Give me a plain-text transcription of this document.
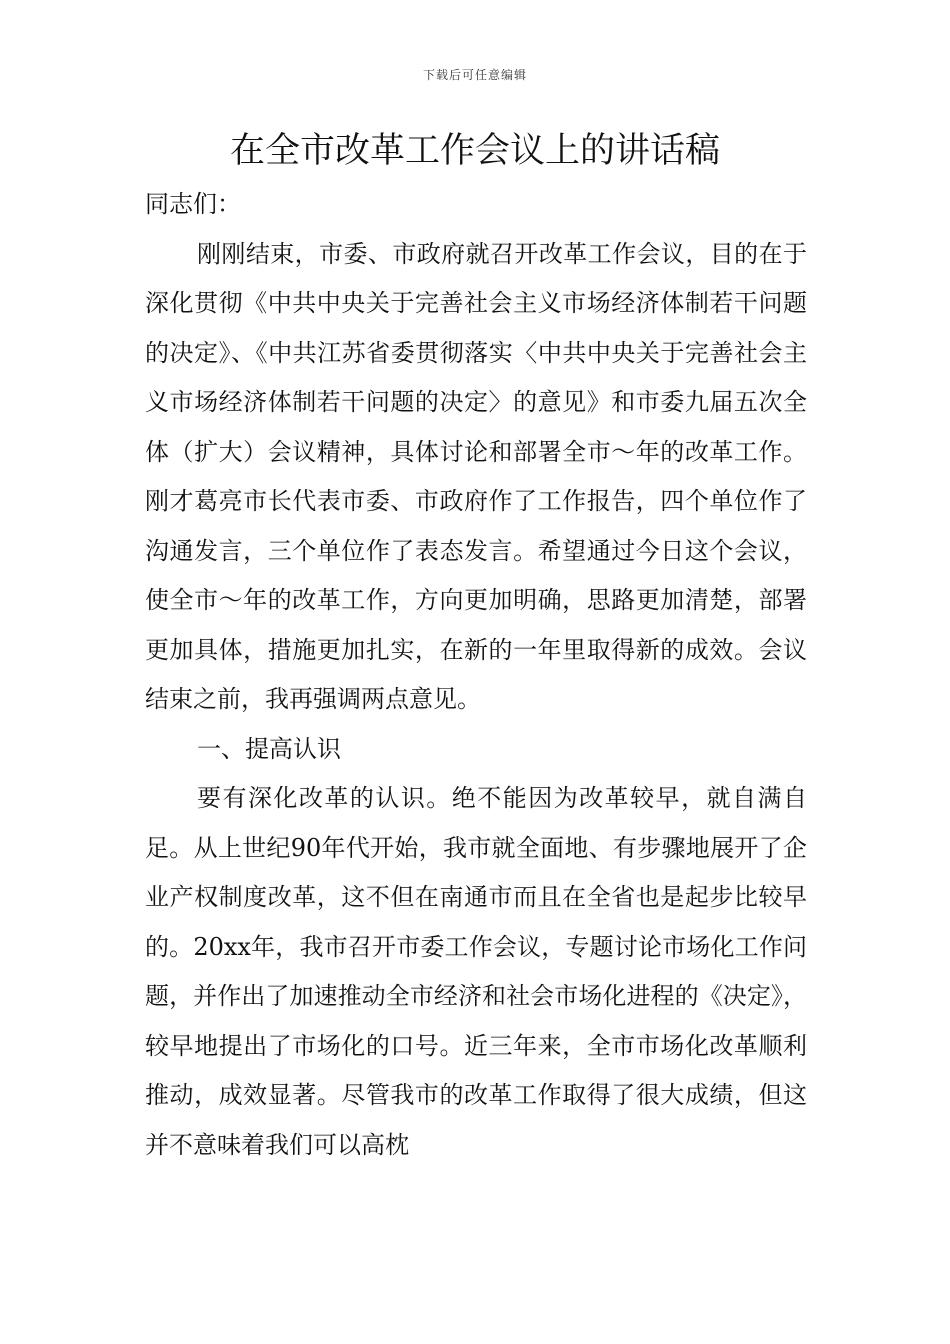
下载后可任意编辑
在全市改革工作会议上的讲话稿

同志们：

刚刚结束，市委、市政府就召开改革工作会议，目的在于深化贯彻《中共中央关于完善社会主义市场经济体制若干问题的决定》、《中共江苏省委贯彻落实〈中共中央关于完善社会主义市场经济体制若干问题的决定〉的意见》和市委九届五次全体（扩大）会议精神，具体讨论和部署全市～年的改革工作。刚才葛亮市长代表市委、市政府作了工作报告，四个单位作了沟通发言，三个单位作了表态发言。希望通过今日这个会议，使全市～年的改革工作，方向更加明确，思路更加清楚，部署更加具体，措施更加扎实，在新的一年里取得新的成效。会议结束之前，我再强调两点意见。

一、提高认识

要有深化改革的认识。绝不能因为改革较早，就自满自足。从上世纪90年代开始，我市就全面地、有步骤地展开了企业产权制度改革，这不但在南通市而且在全省也是起步比较早的。20xx年，我市召开市委工作会议，专题讨论市场化工作问题，并作出了加速推动全市经济和社会市场化进程的《决定》，较早地提出了市场化的口号。近三年来，全市市场化改革顺利推动，成效显著。尽管我市的改革工作取得了很大成绩，但这并不意味着我们可以高枕
